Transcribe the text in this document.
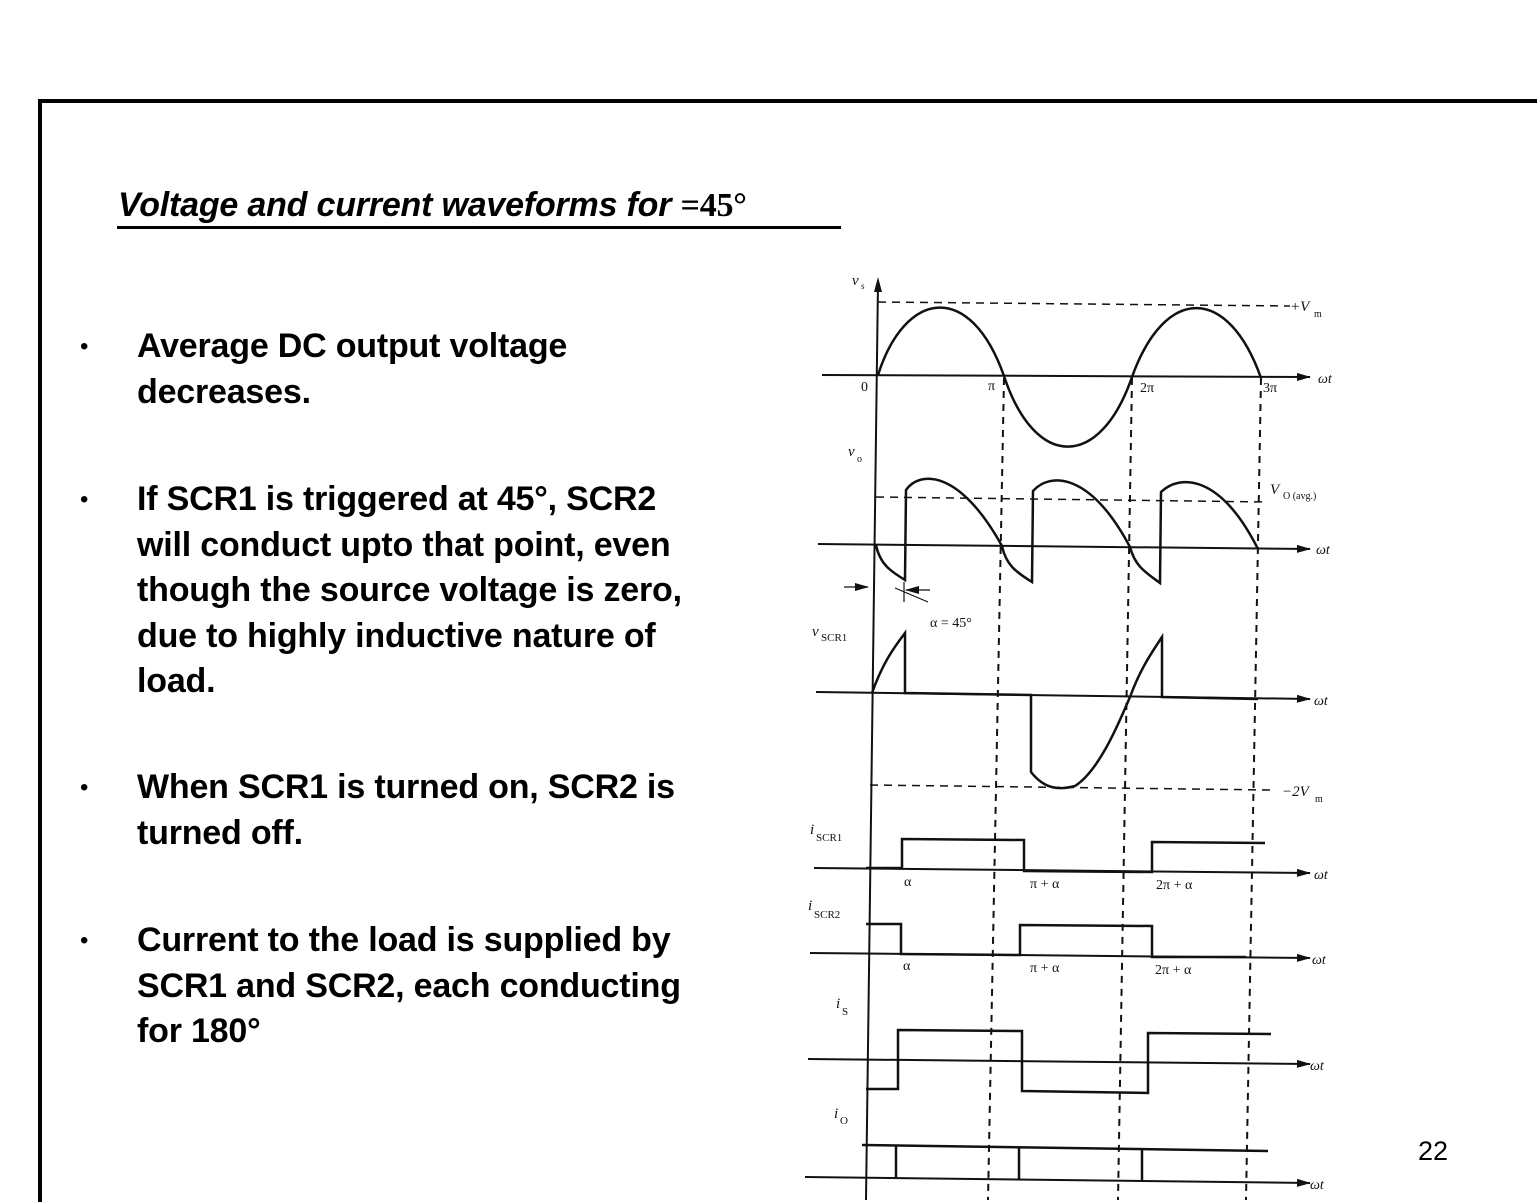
Voltage and current waveforms for =45°
• Average DC output voltage decreases.
• If SCR1 is triggered at 45°, SCR2 will conduct upto that point, even though the source voltage is zero, due to highly inductive nature of load.
• When SCR1 is turned on, SCR2 is turned off.
• Current to the load is supplied by SCR1 and SCR2, each conducting for 180°
22
ωt
ωt
ωt
ωt
ωt
ωt
ωt
v s
+V m
0	π	2π	3π
v o
V O (avg.)
α = 45°
v SCR1
−2V m
i SCR1
α	π + α	2π + α
i
SCR2
α	π + α	2π + α
i S
i O
